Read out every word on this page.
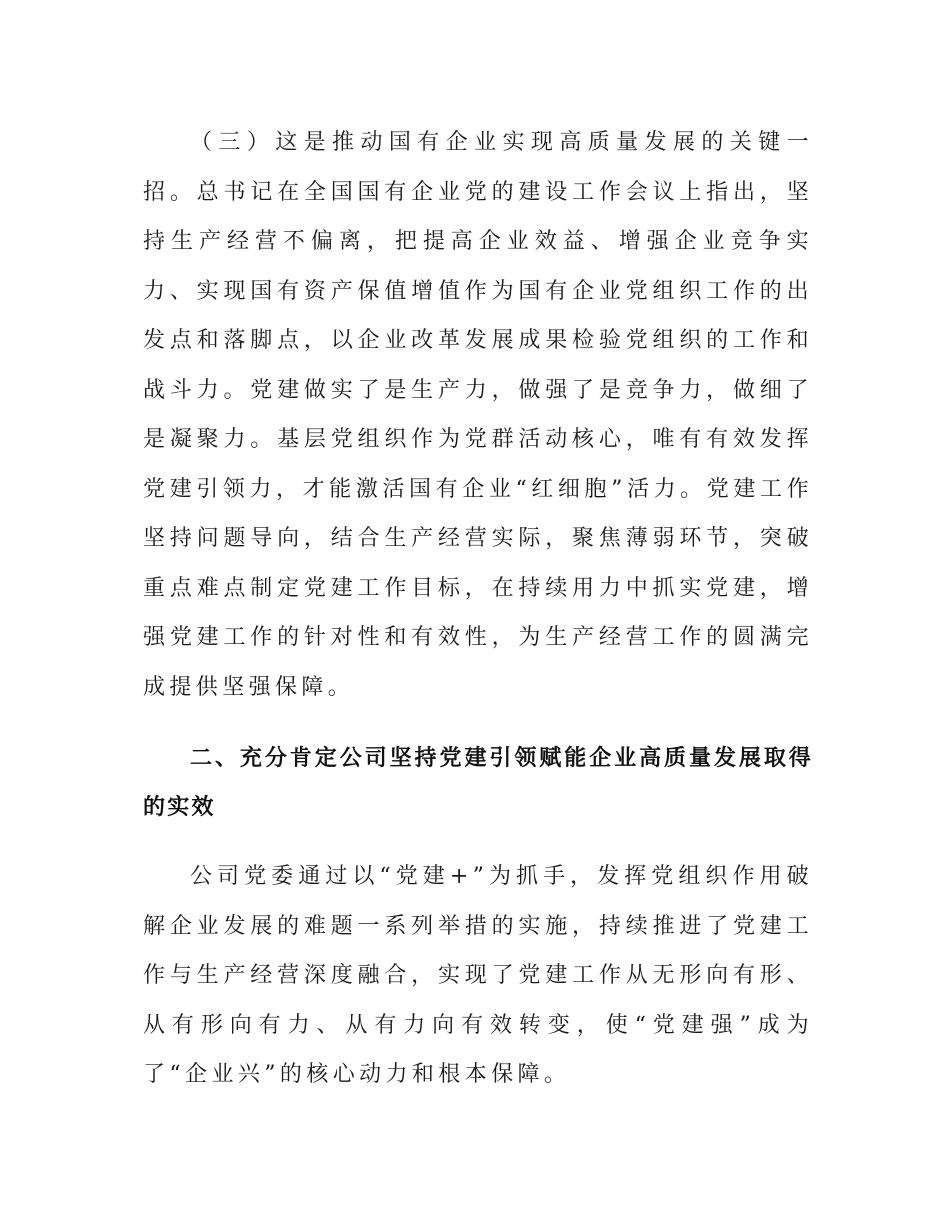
（三）这是推动国有企业实现高质量发展的关键一招。总书记在全国国有企业党的建设工作会议上指出，坚持生产经营不偏离，把提高企业效益、增强企业竞争实力、实现国有资产保值增值作为国有企业党组织工作的出发点和落脚点，以企业改革发展成果检验党组织的工作和战斗力。党建做实了是生产力，做强了是竞争力，做细了是凝聚力。基层党组织作为党群活动核心，唯有有效发挥党建引领力，才能激活国有企业“红细胞”活力。党建工作坚持问题导向，结合生产经营实际，聚焦薄弱环节，突破重点难点制定党建工作目标，在持续用力中抓实党建，增强党建工作的针对性和有效性，为生产经营工作的圆满完成提供坚强保障。

二、充分肯定公司坚持党建引领赋能企业高质量发展取得的实效

公司党委通过以“党建+”为抓手，发挥党组织作用破解企业发展的难题一系列举措的实施，持续推进了党建工作与生产经营深度融合，实现了党建工作从无形向有形、从有形向有力、从有力向有效转变，使“党建强”成为了“企业兴”的核心动力和根本保障。
